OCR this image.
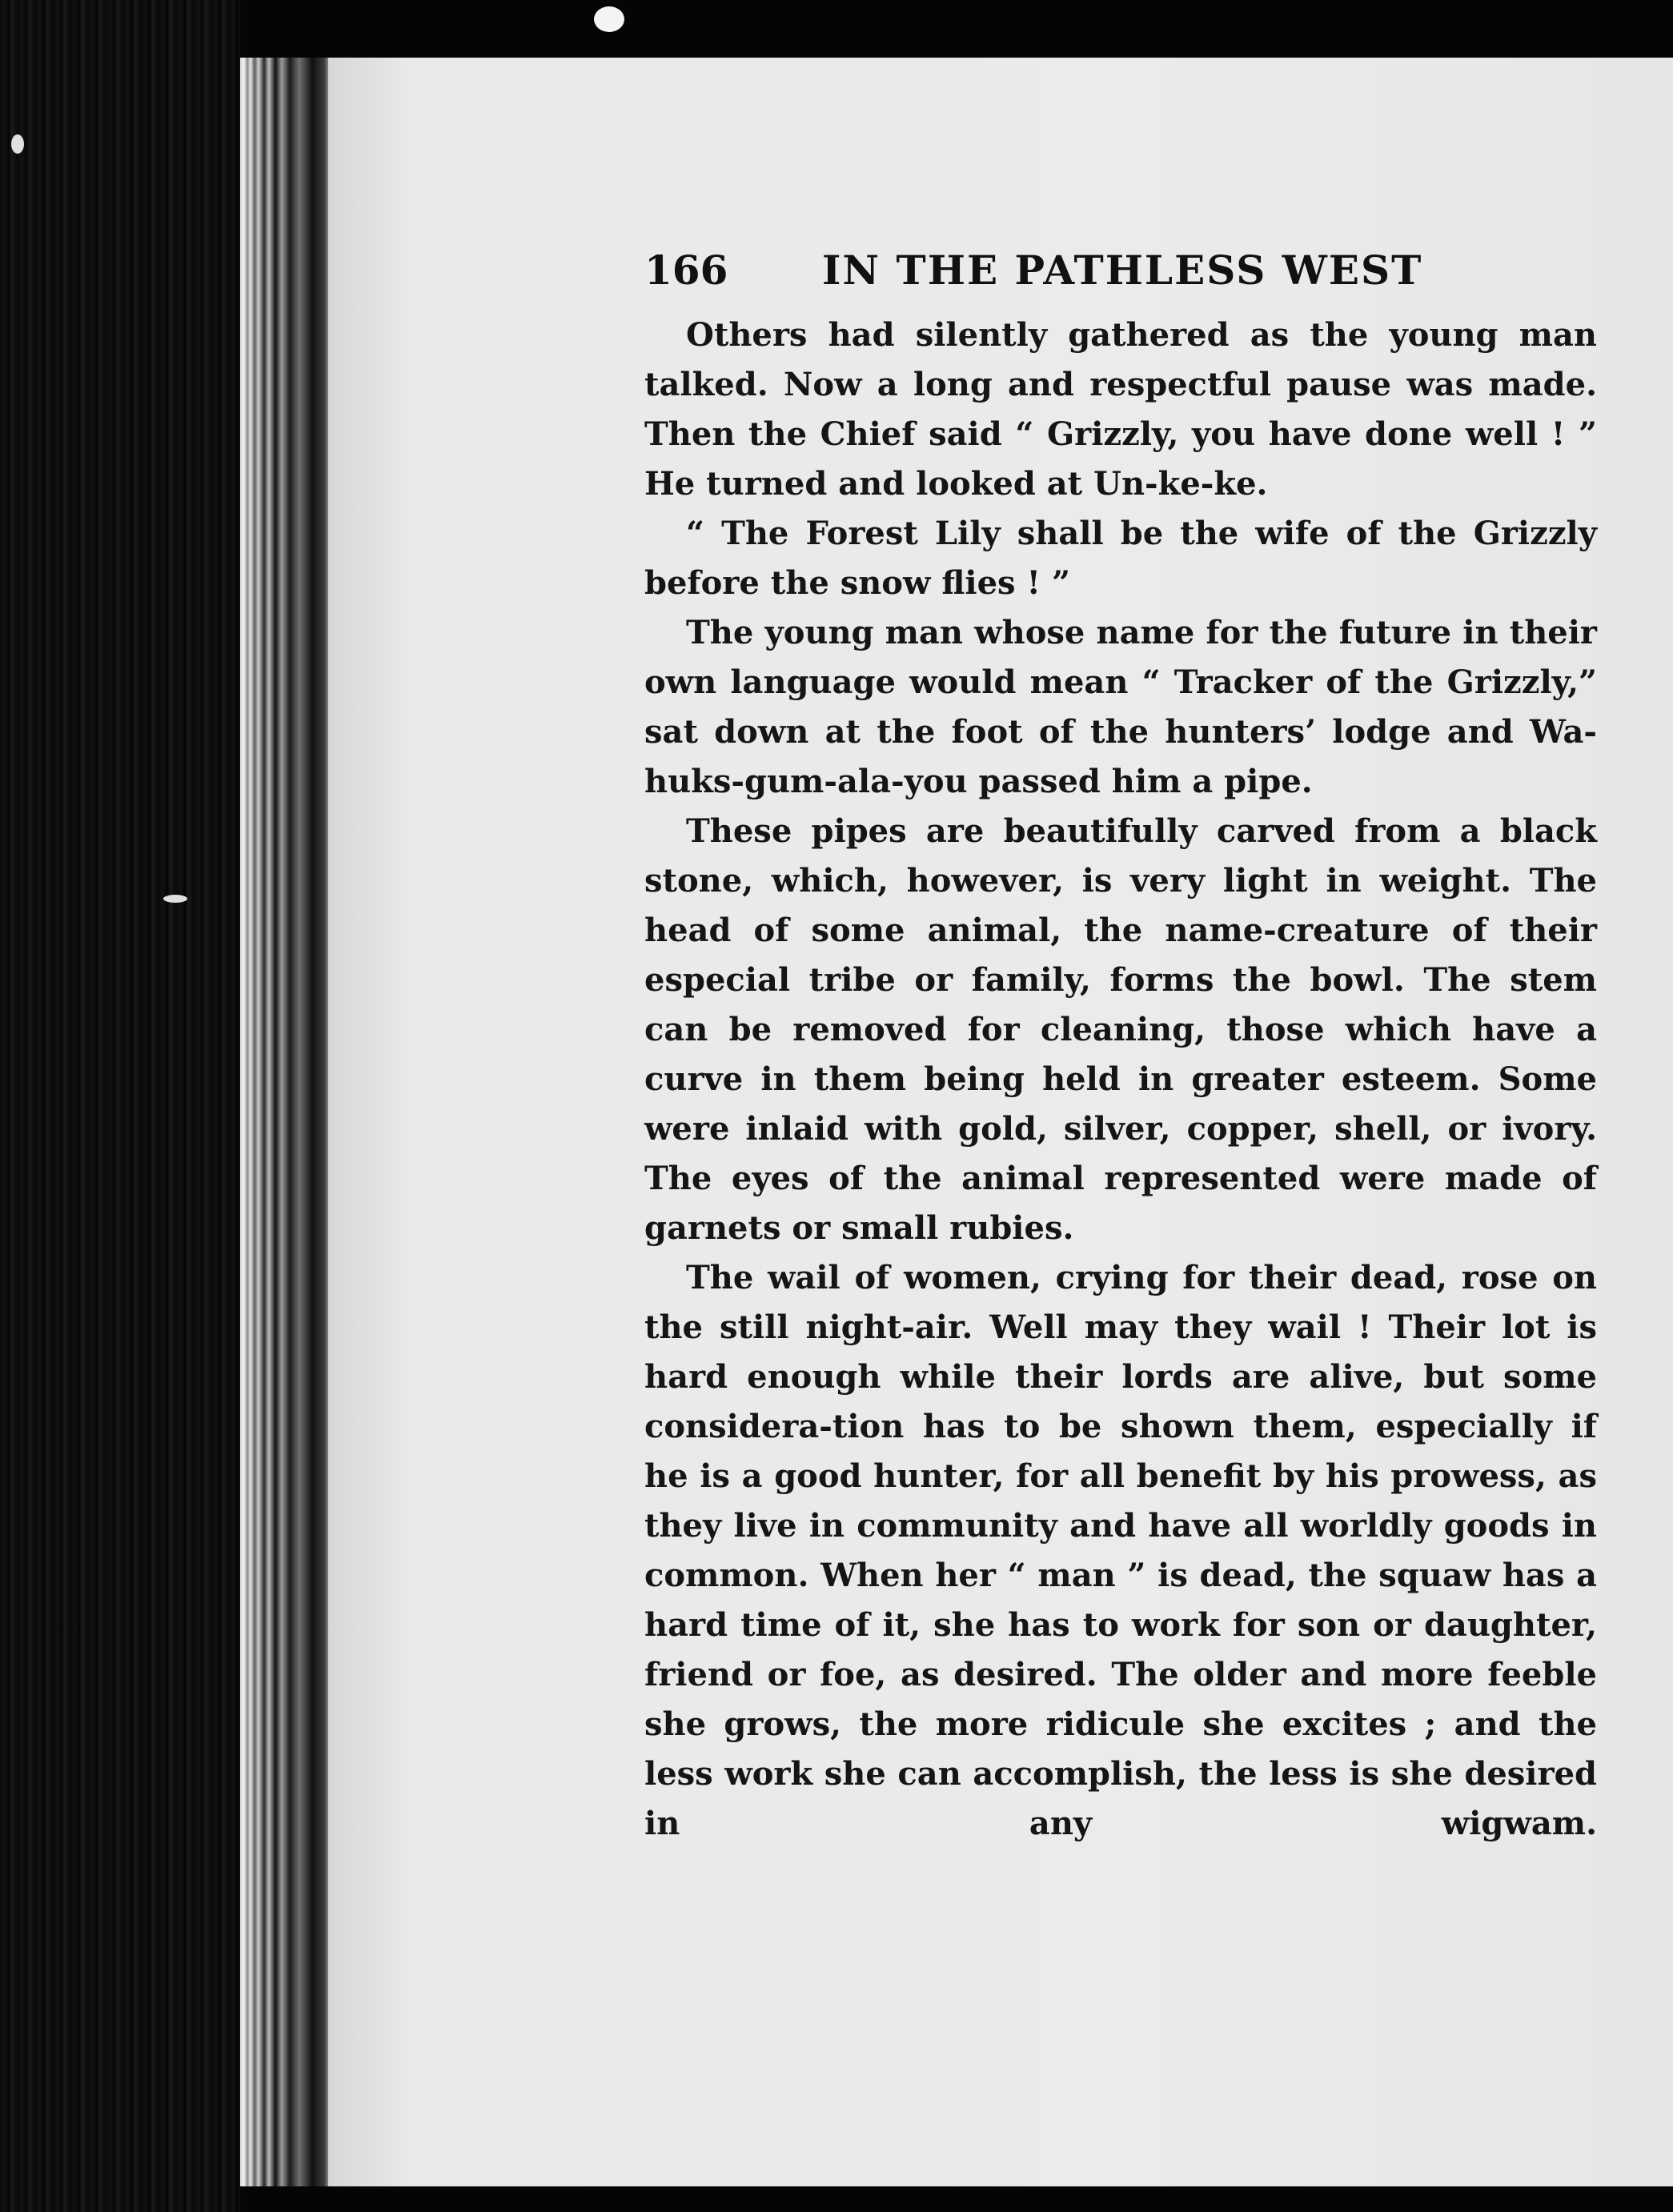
166 IN THE PATHLESS WEST

Others had silently gathered as the young man talked. Now a long and respectful pause was made. Then the Chief said “ Grizzly, you have done well ! ” He turned and looked at Un-ke-ke.

“ The Forest Lily shall be the wife of the Grizzly before the snow flies ! ”

The young man whose name for the future in their own language would mean “ Tracker of the Grizzly,” sat down at the foot of the hunters’ lodge and Wa-huks-gum-ala-you passed him a pipe.

These pipes are beautifully carved from a black stone, which, however, is very light in weight. The head of some animal, the name-creature of their especial tribe or family, forms the bowl. The stem can be removed for cleaning, those which have a curve in them being held in greater esteem. Some were inlaid with gold, silver, copper, shell, or ivory. The eyes of the animal represented were made of garnets or small rubies.

The wail of women, crying for their dead, rose on the still night-air. Well may they wail ! Their lot is hard enough while their lords are alive, but some considera-tion has to be shown them, especially if he is a good hunter, for all benefit by his prowess, as they live in community and have all worldly goods in common. When her “ man ” is dead, the squaw has a hard time of it, she has to work for son or daughter, friend or foe, as desired. The older and more feeble she grows, the more ridicule she excites ; and the less work she can accomplish, the less is she desired in any wigwam.
